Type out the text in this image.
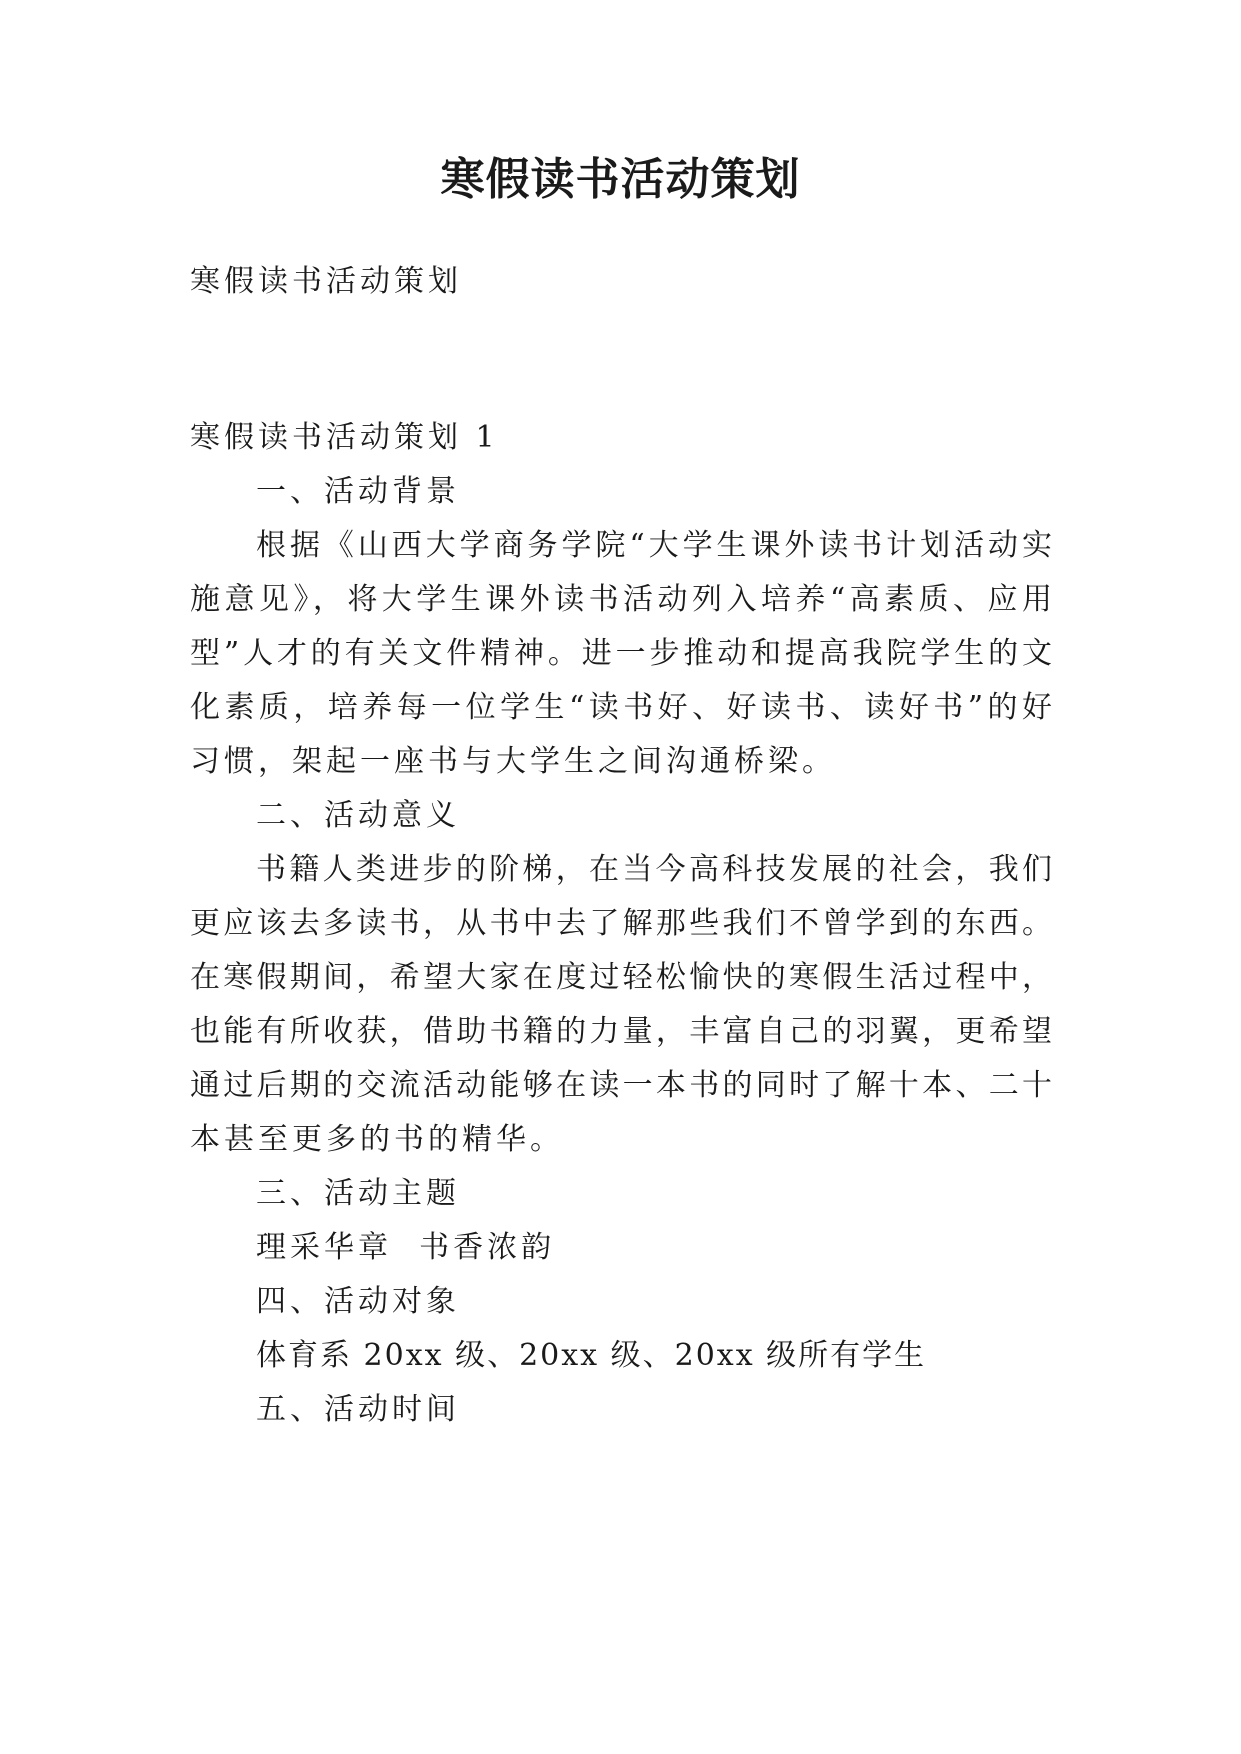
寒假读书活动策划
寒假读书活动策划
寒假读书活动策划 1
一、活动背景
根据《山西大学商务学院“大学生课外读书计划活动实
施意见》，将大学生课外读书活动列入培养“高素质、应用
型”人才的有关文件精神。进一步推动和提高我院学生的文
化素质，培养每一位学生“读书好、好读书、读好书”的好
习惯，架起一座书与大学生之间沟通桥梁。
二、活动意义
书籍人类进步的阶梯，在当今高科技发展的社会，我们
更应该去多读书，从书中去了解那些我们不曾学到的东西。
在寒假期间，希望大家在度过轻松愉快的寒假生活过程中，
也能有所收获，借助书籍的力量，丰富自己的羽翼，更希望
通过后期的交流活动能够在读一本书的同时了解十本、二十
本甚至更多的书的精华。
三、活动主题
理采华章  书香浓韵
四、活动对象
体育系 20xx 级、20xx 级、20xx 级所有学生
五、活动时间
